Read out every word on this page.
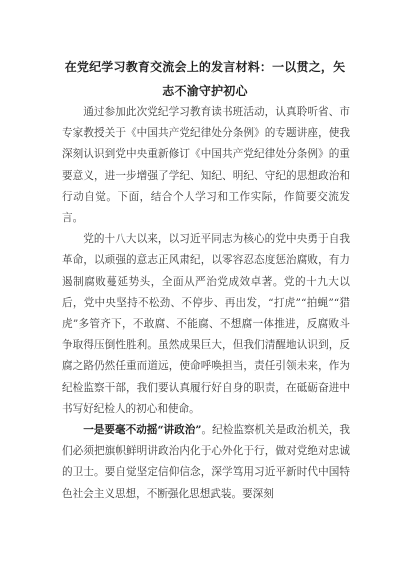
在党纪学习教育交流会上的发言材料：一以贯之，矢志不渝守护初心

通过参加此次党纪学习教育读书班活动，认真聆听省、市专家教授关于《中国共产党纪律处分条例》的专题讲座，使我深刻认识到党中央重新修订《中国共产党纪律处分条例》的重要意义，进一步增强了学纪、知纪、明纪、守纪的思想政治和行动自觉。下面，结合个人学习和工作实际，作简要交流发言。

党的十八大以来，以习近平同志为核心的党中央勇于自我革命，以顽强的意志正风肃纪，以零容忍态度惩治腐败，有力遏制腐败蔓延势头，全面从严治党成效卓著。党的十九大以后，党中央坚持不松劲、不停步、再出发，“打虎”“拍蝇”“猎虎”多管齐下，不敢腐、不能腐、不想腐一体推进，反腐败斗争取得压倒性胜利。虽然成果巨大，但我们清醒地认识到，反腐之路仍然任重而道远，使命呼唤担当，责任引领未来，作为纪检监察干部，我们要认真履行好自身的职责，在砥砺奋进中书写好纪检人的初心和使命。

一是要毫不动摇“讲政治”。纪检监察机关是政治机关，我们必须把旗帜鲜明讲政治内化于心外化于行，做对党绝对忠诚的卫士。要自觉坚定信仰信念，深学笃用习近平新时代中国特色社会主义思想，不断强化思想武装。要深刻
